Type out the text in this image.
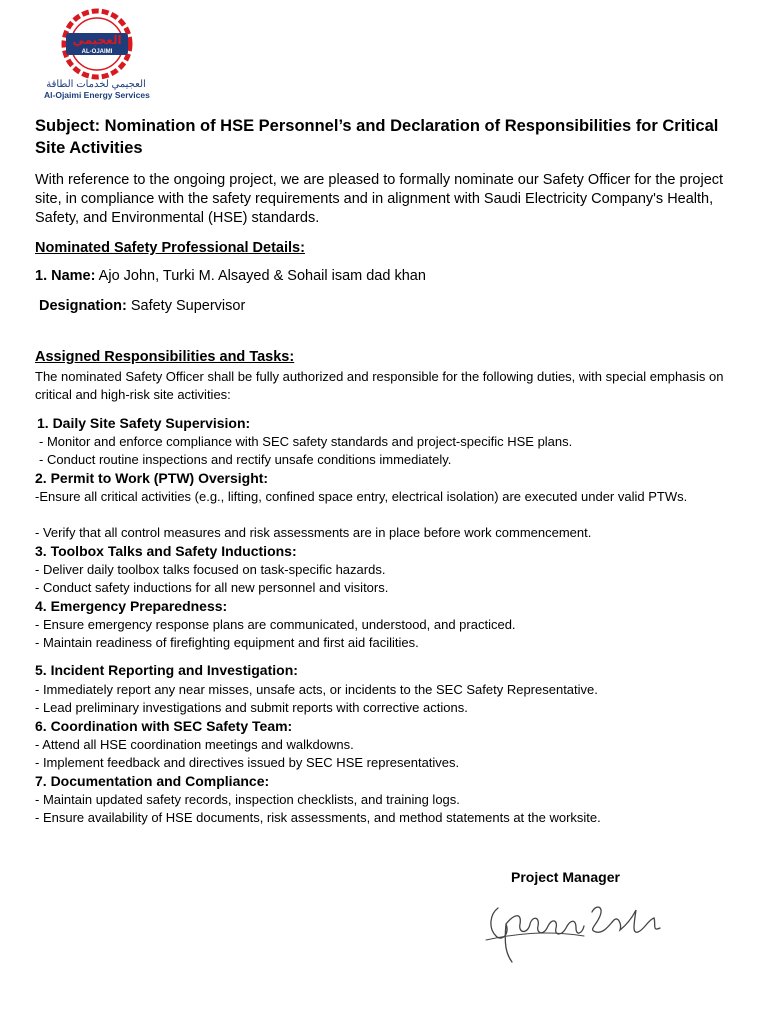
العجيمي
AL-OJAIMI
العجيمي لخدمات الطاقة
Al-Ojaimi Energy Services
Subject: Nomination of HSE Personnel’s and Declaration of Responsibilities for Critical Site Activities
With reference to the ongoing project, we are pleased to formally nominate our Safety Officer for the project site, in compliance with the safety requirements and in alignment with Saudi Electricity Company's Health, Safety, and Environmental (HSE) standards.
Nominated Safety Professional Details:
1. Name: Ajo John, Turki M. Alsayed & Sohail isam dad khan
Designation: Safety Supervisor
Assigned Responsibilities and Tasks:
The nominated Safety Officer shall be fully authorized and responsible for the following duties, with special emphasis on critical and high-risk site activities:
1. Daily Site Safety Supervision:
- Monitor and enforce compliance with SEC safety standards and project-specific HSE plans.
- Conduct routine inspections and rectify unsafe conditions immediately.
2. Permit to Work (PTW) Oversight:
-Ensure all critical activities (e.g., lifting, confined space entry, electrical isolation) are executed under valid PTWs.
- Verify that all control measures and risk assessments are in place before work commencement.
3. Toolbox Talks and Safety Inductions:
- Deliver daily toolbox talks focused on task-specific hazards.
- Conduct safety inductions for all new personnel and visitors.
4. Emergency Preparedness:
- Ensure emergency response plans are communicated, understood, and practiced.
- Maintain readiness of firefighting equipment and first aid facilities.
5. Incident Reporting and Investigation:
- Immediately report any near misses, unsafe acts, or incidents to the SEC Safety Representative.
- Lead preliminary investigations and submit reports with corrective actions.
6. Coordination with SEC Safety Team:
- Attend all HSE coordination meetings and walkdowns.
- Implement feedback and directives issued by SEC HSE representatives.
7. Documentation and Compliance:
- Maintain updated safety records, inspection checklists, and training logs.
- Ensure availability of HSE documents, risk assessments, and method statements at the worksite.
Project Manager
